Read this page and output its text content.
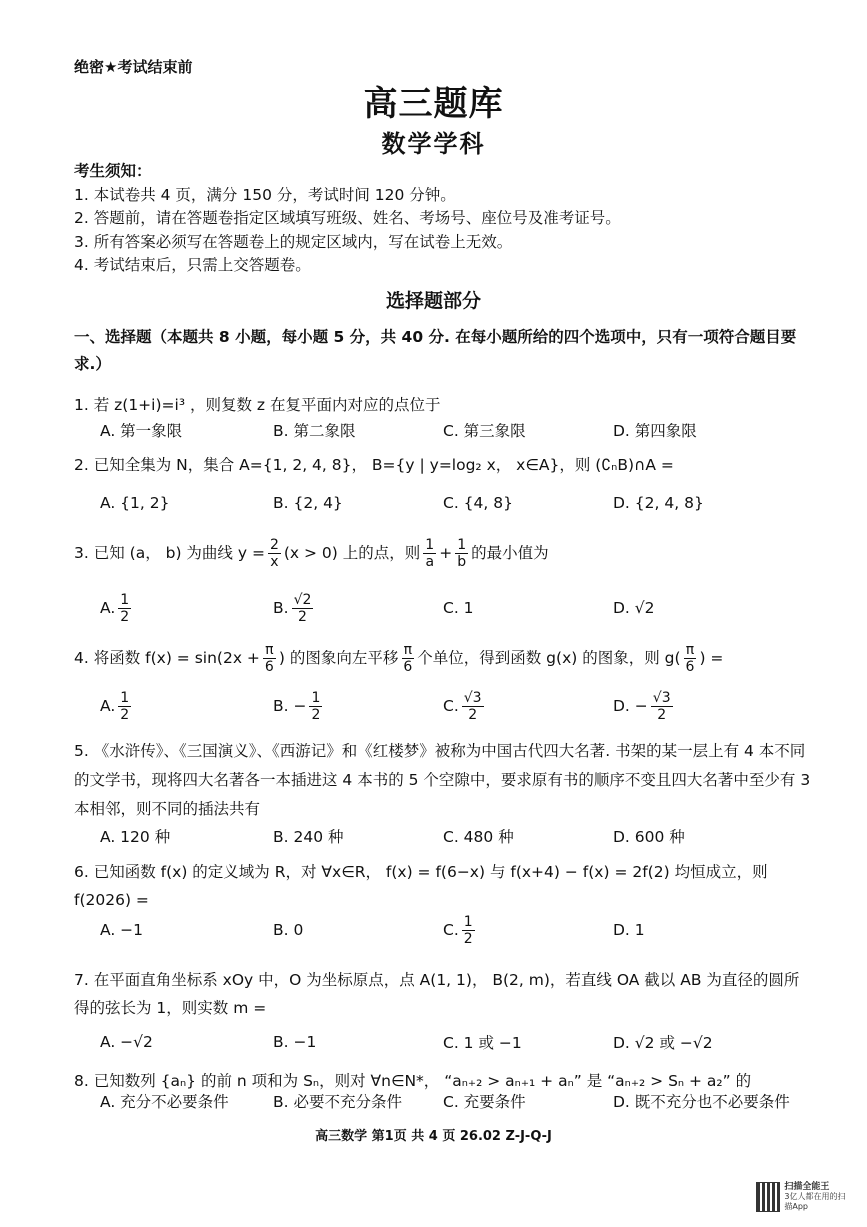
绝密★考试结束前
高三题库
数学学科
考生须知：
1. 本试卷共 4 页，满分 150 分，考试时间 120 分钟。
2. 答题前，请在答题卷指定区域填写班级、姓名、考场号、座位号及准考证号。
3. 所有答案必须写在答题卷上的规定区域内，写在试卷上无效。
4. 考试结束后，只需上交答题卷。
选择题部分
一、选择题（本题共 8 小题，每小题 5 分，共 40 分. 在每小题所给的四个选项中，只有一项符合题目要求.）
1. 若 z(1+i)=i³ ，则复数 z 在复平面内对应的点位于
A. 第一象限	B. 第二象限	C. 第三象限	D. 第四象限
2. 已知全集为 N，集合 A={1, 2, 4, 8}， B={y | y=log₂ x， x∈A}，则 (∁ₙB)∩A =
A. {1, 2}	B. {2, 4}	C. {4, 8}	D. {2, 4, 8}
3. 已知 (a， b) 为曲线 $y = \frac{2}{x} (x > 0)$ 上的点，则 $\frac{1}{a} + \frac{1}{b}$ 的最小值为
A. $\frac{1}{2}$	B. $\frac{√2}{2}$	C. 1	D. √2
4. 将函数 $f(x) = \sin(2x + \frac{\pi}{6}$ ) 的图象向左平移 $\frac{\pi}{6}$ 个单位，得到函数 g(x) 的图象，则 $g( \frac{\pi}{6}$ ) =
A. $\frac{1}{2}$	B. − $\frac{1}{2}$	C. $\frac{√3}{2}$	D. − $\frac{√3}{2}$
5. 《水浒传》、《三国演义》、《西游记》和《红楼梦》被称为中国古代四大名著. 书架的某一层上有 4 本不同的文学书，现将四大名著各一本插进这 4 本书的 5 个空隙中，要求原有书的顺序不变且四大名著中至少有 3 本相邻，则不同的插法共有
A. 120 种	B. 240 种	C. 480 种	D. 600 种
6. 已知函数 f(x) 的定义域为 R，对 ∀x∈R， f(x) = f(6−x) 与 f(x+4) − f(x) = 2f(2) 均恒成立，则 f(2026) =
A. −1	B. 0	C. $\frac{1}{2}$	D. 1
7. 在平面直角坐标系 xOy 中，O 为坐标原点，点 A(1, 1)， B(2, m)，若直线 OA 截以 AB 为直径的圆所得的弦长为 1，则实数 m =
A. −√2	B. −1	C. 1 或 −1	D. √2 或 −√2
8. 已知数列 {aₙ} 的前 n 项和为 Sₙ，则对 ∀n∈N*， “aₙ₊₂ > aₙ₊₁ + aₙ” 是 “aₙ₊₂ > Sₙ + a₂” 的
A. 充分不必要条件	B. 必要不充分条件	C. 充要条件	D. 既不充分也不必要条件
高三数学 第1页 共 4 页 26.02 Z-J-Q-J
扫描全能王
3亿人都在用的扫描App
